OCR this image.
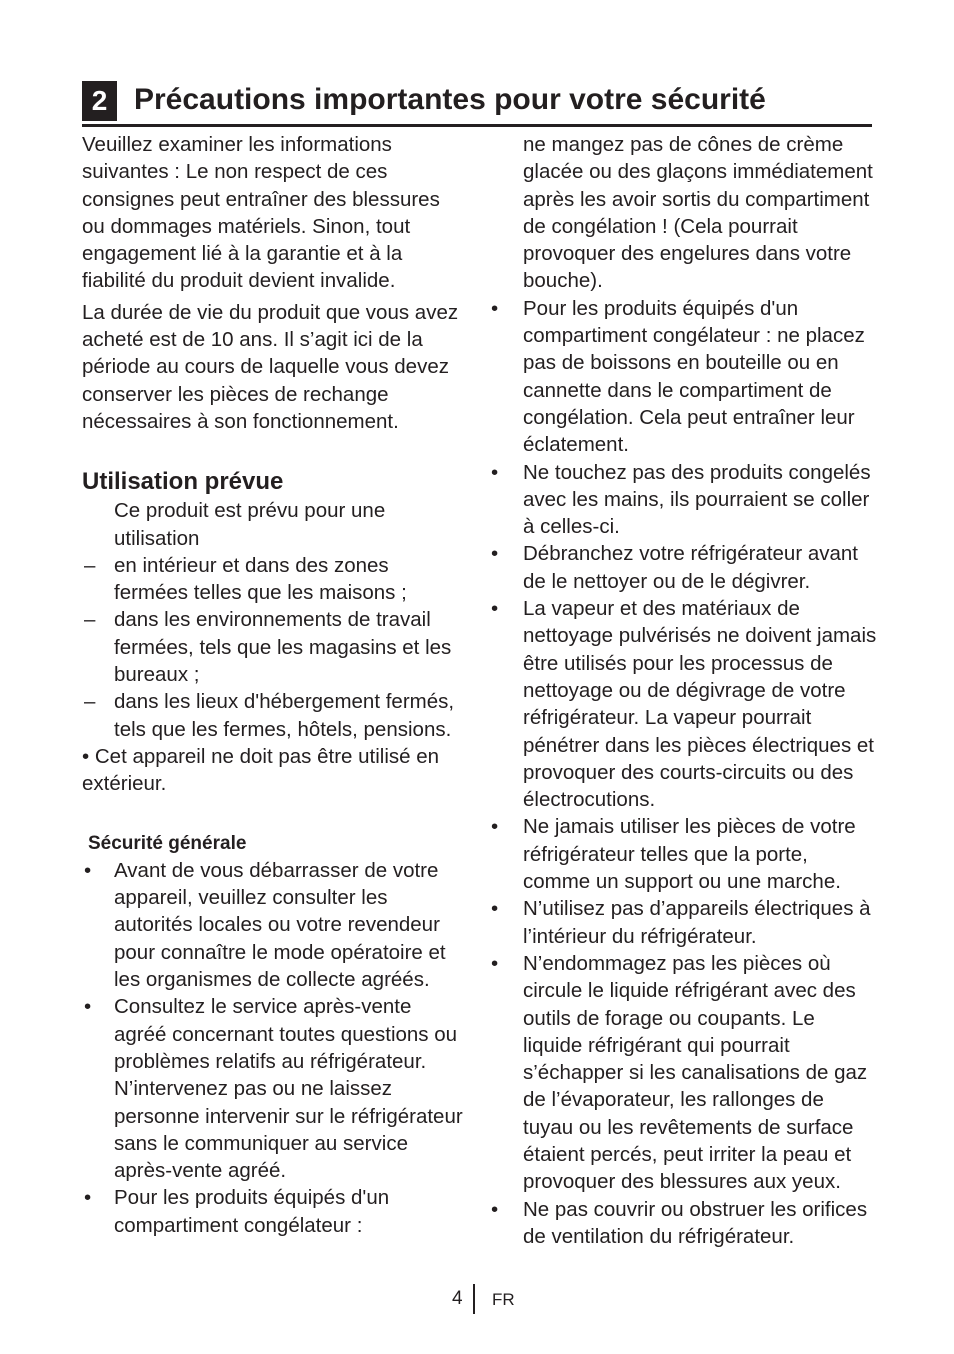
2 Précautions importantes pour votre sécurité

Veuillez examiner les informations suivantes : Le non respect de ces consignes peut entraîner des blessures ou dommages matériels. Sinon, tout engagement lié à la garantie et à la fiabilité du produit devient invalide.

La durée de vie du produit que vous avez acheté est de 10 ans. Il s’agit ici de la période au cours de laquelle vous devez conserver les pièces de rechange nécessaires à son fonctionnement.

Utilisation prévue

Ce produit est prévu pour une utilisation

– en intérieur et dans des zones fermées telles que les maisons ;
– dans les environnements de travail fermées, tels que les magasins et les bureaux ;
– dans les lieux d'hébergement fermés, tels que les fermes, hôtels, pensions.

• Cet appareil ne doit pas être utilisé en extérieur.

Sécurité générale
• Avant de vous débarrasser de votre appareil, veuillez consulter les autorités locales ou votre revendeur pour connaître le mode opératoire et les organismes de collecte agréés.
• Consultez le service après-vente agréé concernant toutes questions ou problèmes relatifs au réfrigérateur. N’intervenez pas ou ne laissez personne intervenir sur le réfrigérateur sans le communiquer au service après-vente agréé.
• Pour les produits équipés d'un compartiment congélateur :

ne mangez pas de cônes de crème glacée ou des glaçons immédiatement après les avoir sortis du compartiment de congélation ! (Cela pourrait provoquer des engelures dans votre bouche).

• Pour les produits équipés d'un compartiment congélateur : ne placez pas de boissons en bouteille ou en cannette dans le compartiment de congélation. Cela peut entraîner leur éclatement.
• Ne touchez pas des produits congelés avec les mains, ils pourraient se coller à celles-ci.
• Débranchez votre réfrigérateur avant de le nettoyer ou de le dégivrer.
• La vapeur et des matériaux de nettoyage pulvérisés ne doivent jamais être utilisés pour les processus de nettoyage ou de dégivrage de votre réfrigérateur. La vapeur pourrait pénétrer dans les pièces électriques et provoquer des courts-circuits ou des électrocutions.
• Ne jamais utiliser les pièces de votre réfrigérateur telles que la porte, comme un support ou une marche.
• N’utilisez pas d’appareils électriques à l’intérieur du réfrigérateur.
• N’endommagez pas les pièces où circule le liquide réfrigérant avec des outils de forage ou coupants. Le liquide réfrigérant qui pourrait s’échapper si les canalisations de gaz de l’évaporateur, les rallonges de tuyau ou les revêtements de surface étaient percés, peut irriter la peau et provoquer des blessures aux yeux.
• Ne pas couvrir ou obstruer les orifices de ventilation du réfrigérateur.
4 FR
